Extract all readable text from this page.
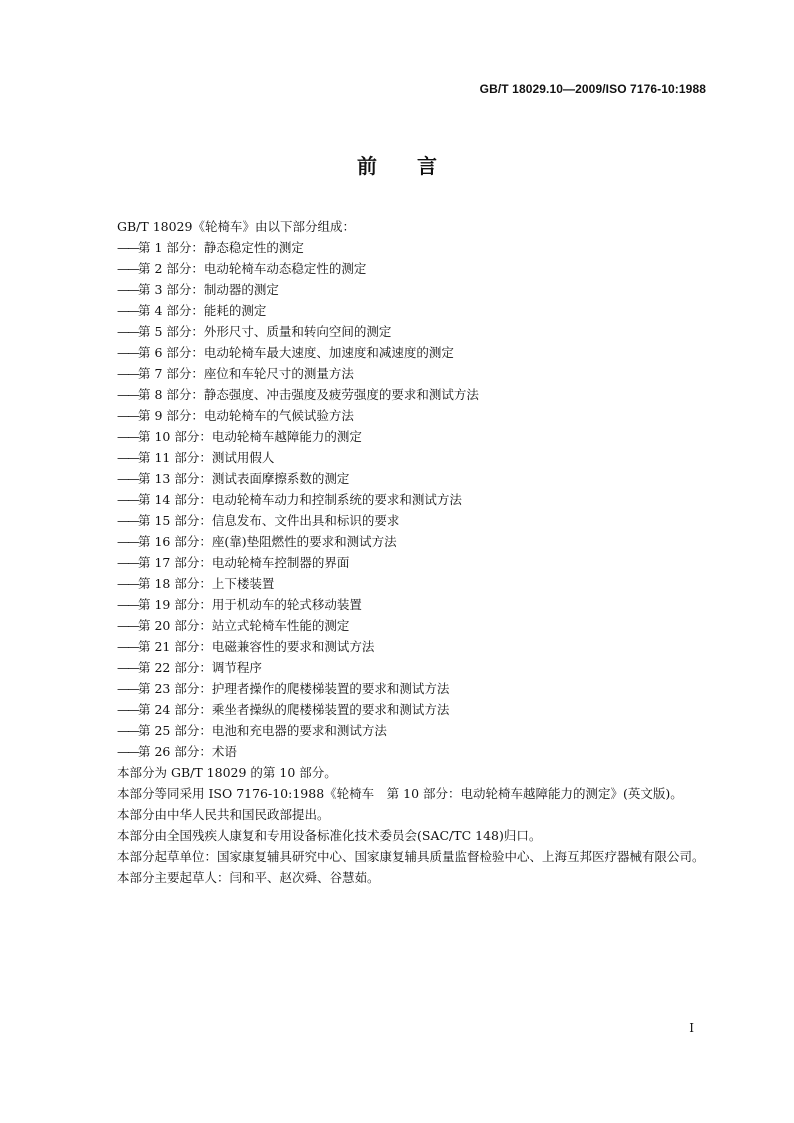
GB/T 18029.10—2009/ISO 7176-10:1988
前　　言
GB/T 18029《轮椅车》由以下部分组成：
——第 1 部分：静态稳定性的测定
——第 2 部分：电动轮椅车动态稳定性的测定
——第 3 部分：制动器的测定
——第 4 部分：能耗的测定
——第 5 部分：外形尺寸、质量和转向空间的测定
——第 6 部分：电动轮椅车最大速度、加速度和减速度的测定
——第 7 部分：座位和车轮尺寸的测量方法
——第 8 部分：静态强度、冲击强度及疲劳强度的要求和测试方法
——第 9 部分：电动轮椅车的气候试验方法
——第 10 部分：电动轮椅车越障能力的测定
——第 11 部分：测试用假人
——第 13 部分：测试表面摩擦系数的测定
——第 14 部分：电动轮椅车动力和控制系统的要求和测试方法
——第 15 部分：信息发布、文件出具和标识的要求
——第 16 部分：座(靠)垫阻燃性的要求和测试方法
——第 17 部分：电动轮椅车控制器的界面
——第 18 部分：上下楼装置
——第 19 部分：用于机动车的轮式移动装置
——第 20 部分：站立式轮椅车性能的测定
——第 21 部分：电磁兼容性的要求和测试方法
——第 22 部分：调节程序
——第 23 部分：护理者操作的爬楼梯装置的要求和测试方法
——第 24 部分：乘坐者操纵的爬楼梯装置的要求和测试方法
——第 25 部分：电池和充电器的要求和测试方法
——第 26 部分：术语
本部分为 GB/T 18029 的第 10 部分。
本部分等同采用 ISO 7176-10:1988《轮椅车　第 10 部分：电动轮椅车越障能力的测定》(英文版)。
本部分由中华人民共和国民政部提出。
本部分由全国残疾人康复和专用设备标准化技术委员会(SAC/TC 148)归口。
本部分起草单位：国家康复辅具研究中心、国家康复辅具质量监督检验中心、上海互邦医疗器械有限公司。
本部分主要起草人：闫和平、赵次舜、谷慧茹。
I
